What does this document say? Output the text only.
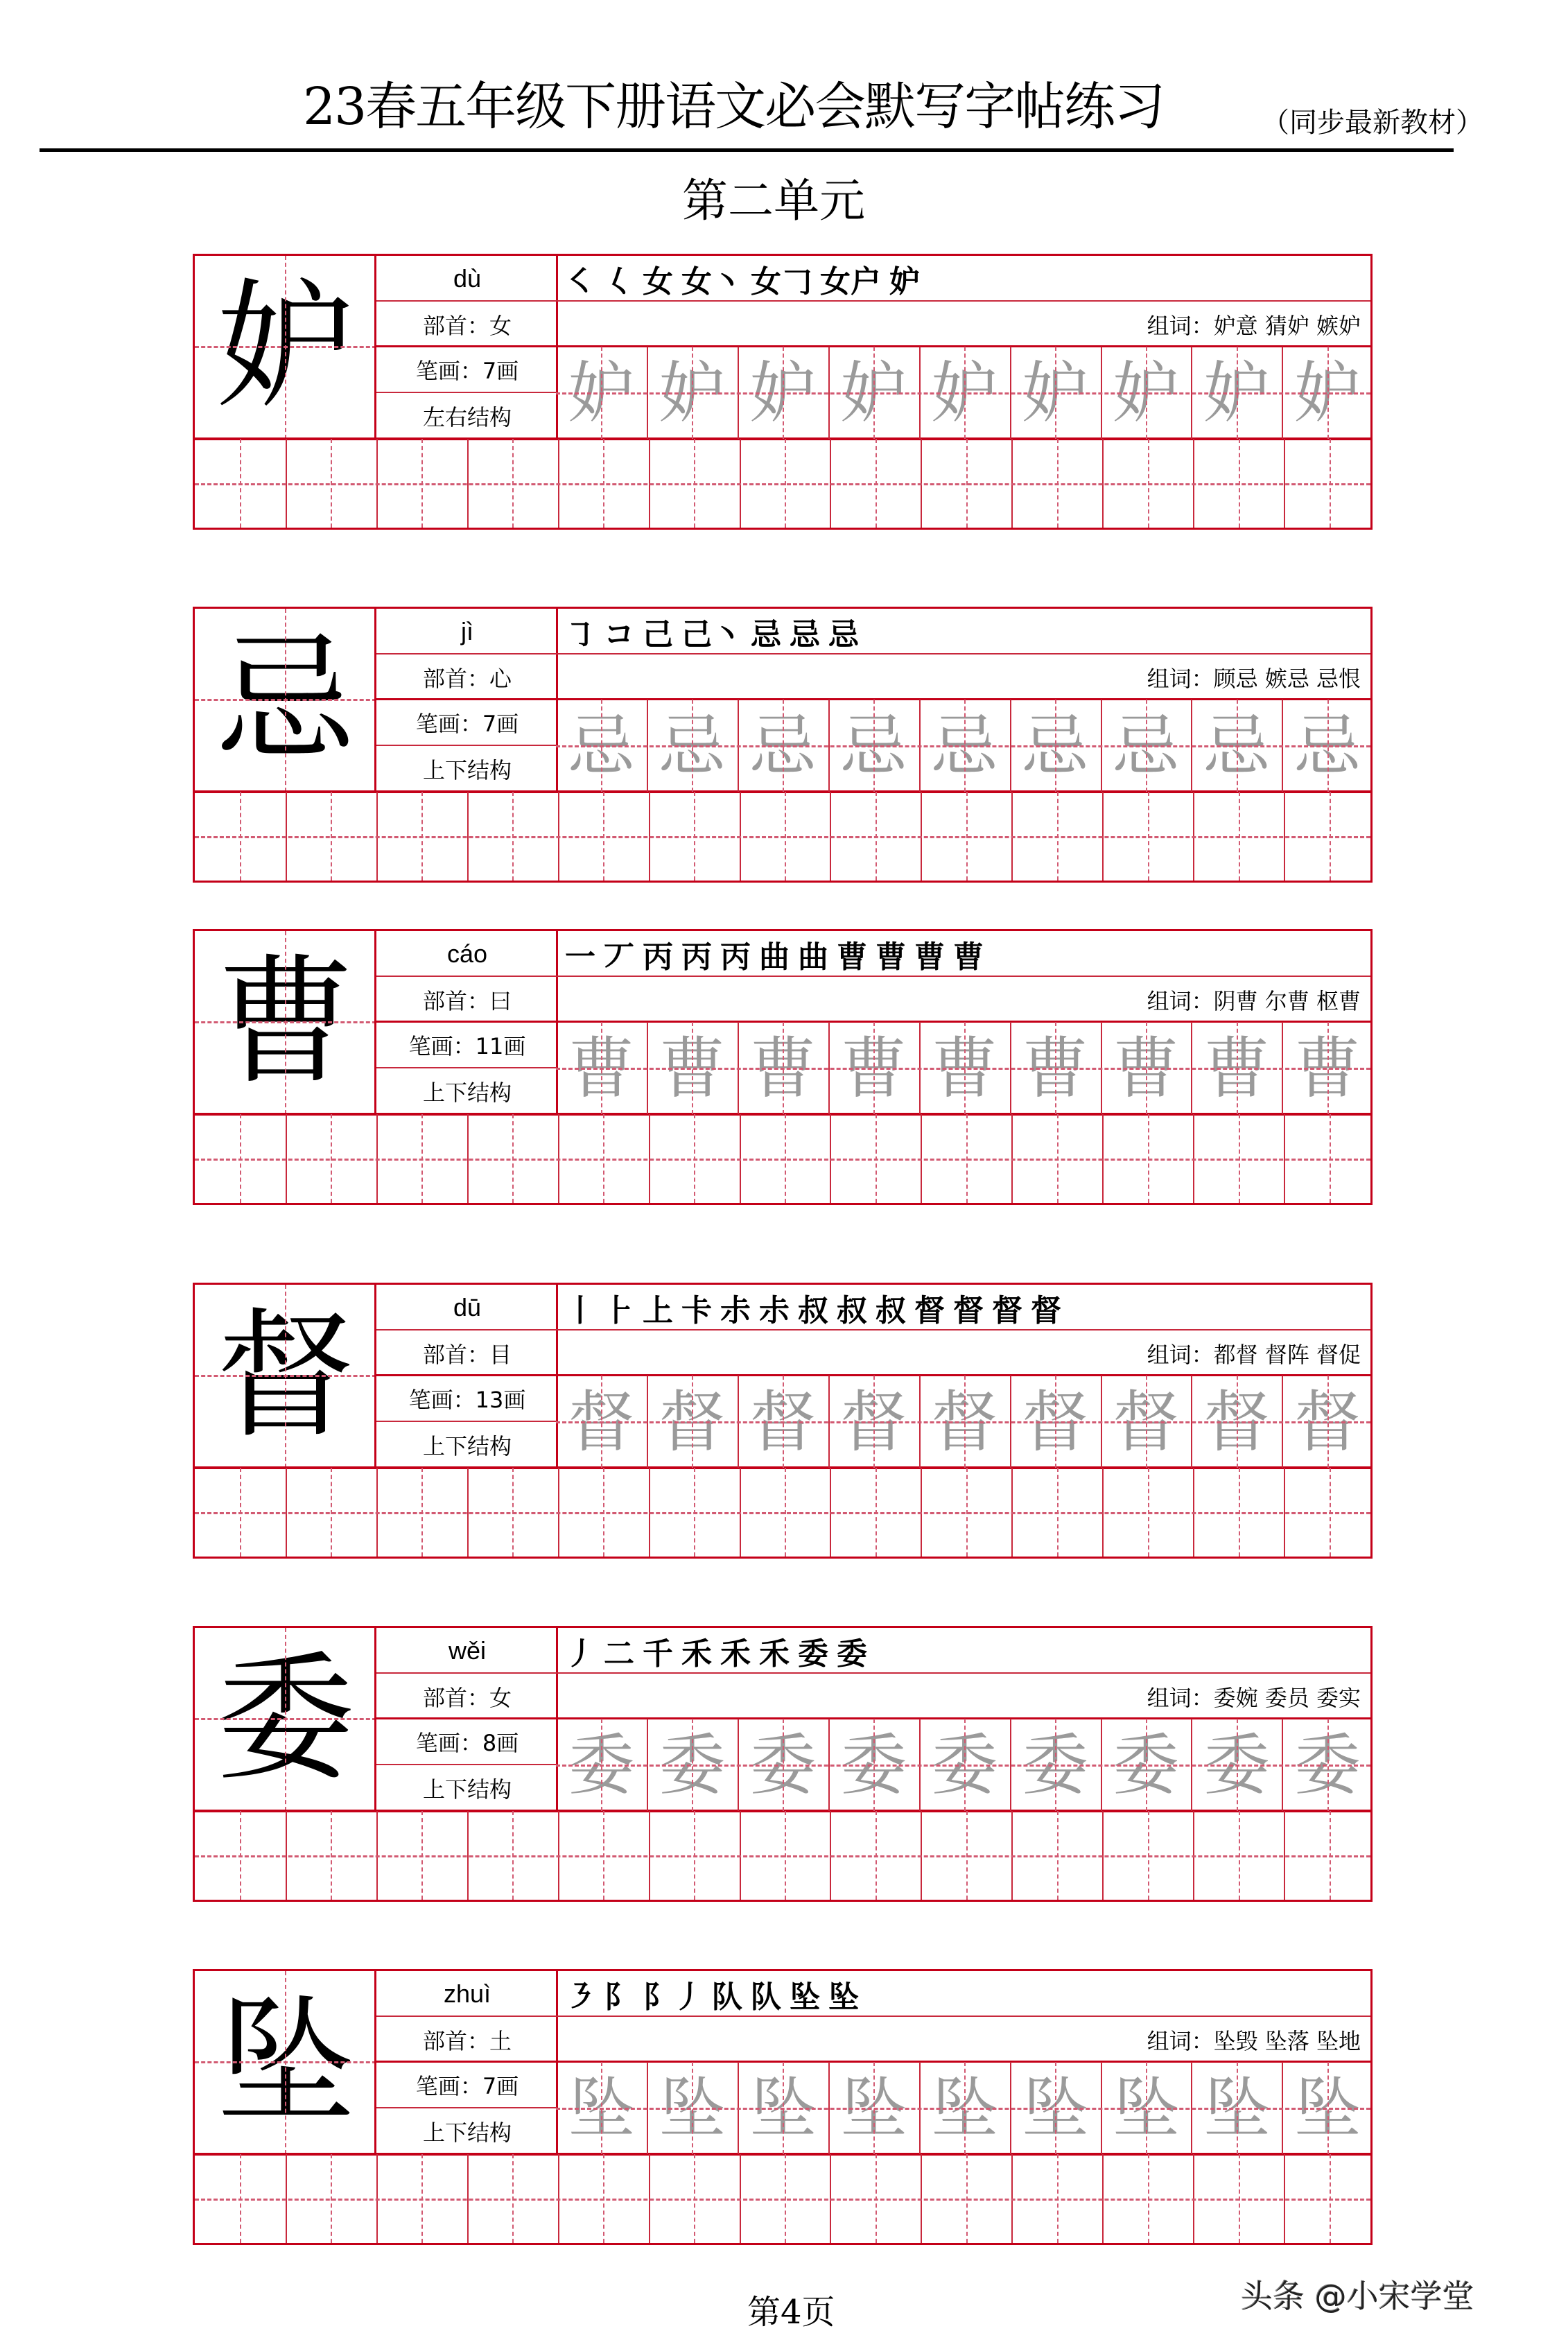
23春五年级下册语文必会默写字帖练习	（同步最新教材）
第二单元
妒	dù
部首：女
笔画：7画
左右结构
㇛ 𡿨 女 女丶 女𠃌 女户 妒
组词：妒意 猜妒 嫉妒
妒 妒 妒 妒 妒 妒 妒 妒 妒
忌	jì
部首：心
笔画：7画
上下结构
㇆ コ 己 己丶 忌 忌 忌
组词：顾忌 嫉忌 忌恨
忌 忌 忌 忌 忌 忌 忌 忌 忌
曹	cáo
部首：曰
笔画：11画
上下结构
一 丆 丙 丙 丙 曲 曲 曹 曹 曹 曹
组词：阴曹 尔曹 枢曹
曹 曹 曹 曹 曹 曹 曹 曹 曹
督	dū
部首：目
笔画：13画
上下结构
丨 ⺊ 上 卡 尗 尗 叔 叔 叔 督 督 督 督
组词：都督 督阵 督促
督 督 督 督 督 督 督 督 督
委	wěi
部首：女
笔画：8画
上下结构
丿 二 千 禾 禾 禾 委 委
组词：委婉 委员 委实
委 委 委 委 委 委 委 委 委
坠	zhuì
部首：土
笔画：7画
上下结构
㇋ 阝 阝丿 队 队 坠 坠
组词：坠毁 坠落 坠地
坠 坠 坠 坠 坠 坠 坠 坠 坠
第4页	头条 @小宋学堂
